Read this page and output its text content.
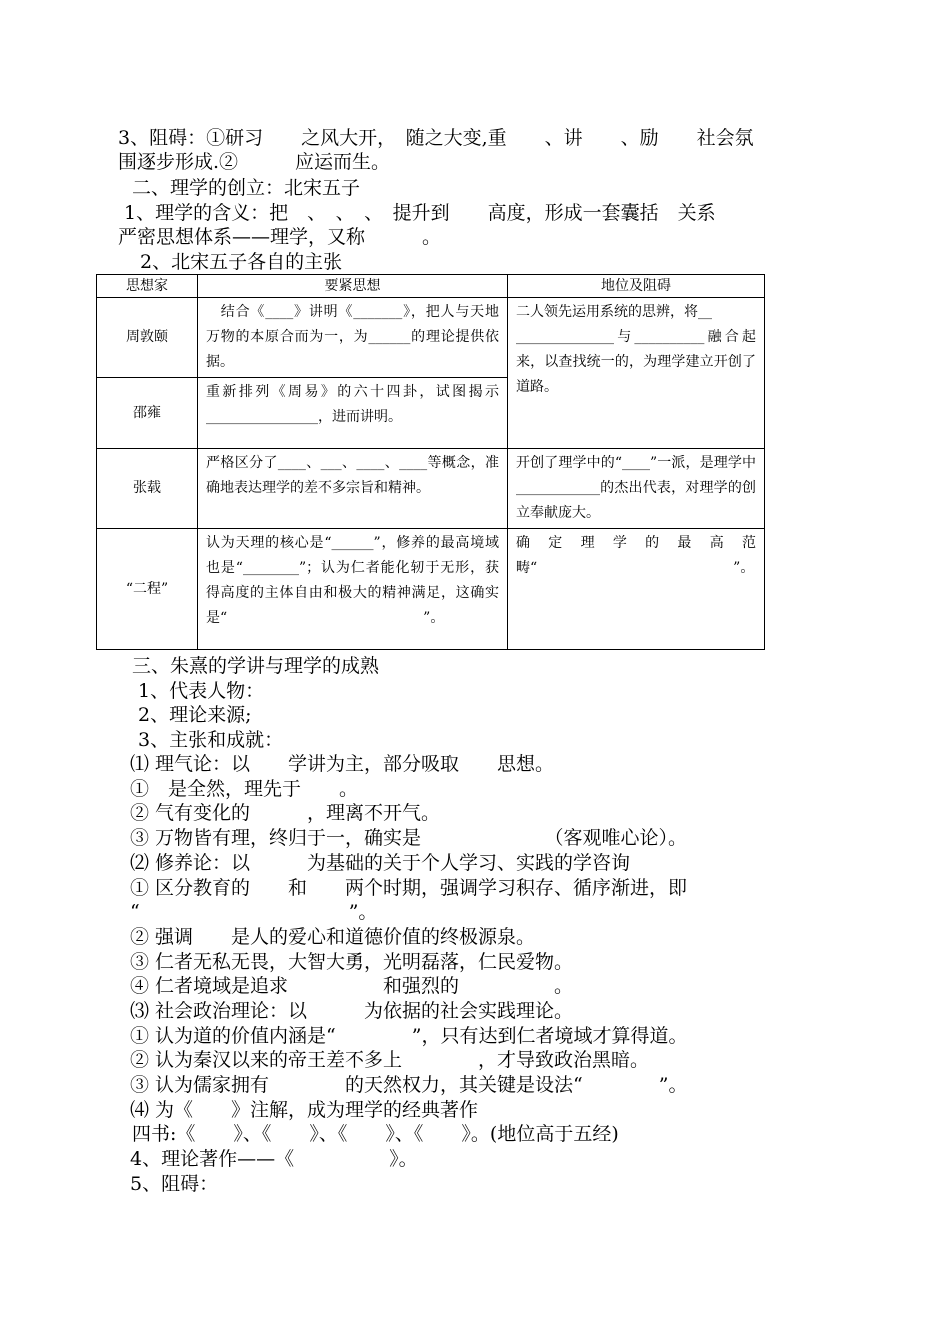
3、阻碍：①研习　　之风大开，　随之大变,重　　、讲　　、励　　社会氛
围逐步形成.②　　　应运而生。
二、理学的创立：北宋五子
1、理学的含义：把　、　、　、　提升到　　高度，形成一套囊括　关系
严密思想体系——理学，又称　　　。
2、北宋五子各自的主张
思想家	要紧思想	地位及阻碍
周敦颐	　结合《____》讲明《_______》，把人与天地万物的本原合而为一，为______的理论提供依据。	二人领先运用系统的思辨，将__
______________与__________融合起来，以查找统一的，为理学建立开创了道路。
邵雍	重新排列《周易》的六十四卦，试图揭示________________，进而讲明。	
张载	严格区分了____、___、____、____等概念，准确地表达理学的差不多宗旨和精神。	开创了理学中的“____”一派，是理学中____________的杰出代表，对理学的创立奉献庞大。
“二程”	认为天理的核心是“______”，修养的最高境域也是“________”；认为仁者能化轫于无形，获得高度的主体自由和极大的精神满足，这确实是“　　　　　　　　　　　　　　”。	确定理学的最高范畴“　　　　　　　　　　　　　　”。
三、朱熹的学讲与理学的成熟
1、代表人物：
2、理论来源;
3、主张和成就：
⑴ 理气论：以　　学讲为主，部分吸取　　思想。
①　是全然，理先于　　。
② 气有变化的　　　，理离不开气。
③ 万物皆有理，终归于一，确实是　　　　　　　（客观唯心论）。
⑵ 修养论：以　　　为基础的关于个人学习、实践的学咨询
① 区分教育的　　和　　两个时期，强调学习积存、循序渐进，即
“　　　　　　　　　　　”。
② 强调　　是人的爱心和道德价值的终极源泉。
③ 仁者无私无畏，大智大勇，光明磊落，仁民爱物。
④ 仁者境域是追求　　　　　和强烈的　　　　　。
⑶ 社会政治理论：以　　　为依据的社会实践理论。
① 认为道的价值内涵是“　　　　”，只有达到仁者境域才算得道。
② 认为秦汉以来的帝王差不多上　　　　，才导致政治黑暗。
③ 认为儒家拥有　　　　的天然权力，其关键是设法“　　　　”。
⑷ 为《　　》注解，成为理学的经典著作
四书:《　　》、《　　》、《　　》、《　　》。(地位高于五经)
4、理论著作——《　　　　　》。
5、阻碍：
